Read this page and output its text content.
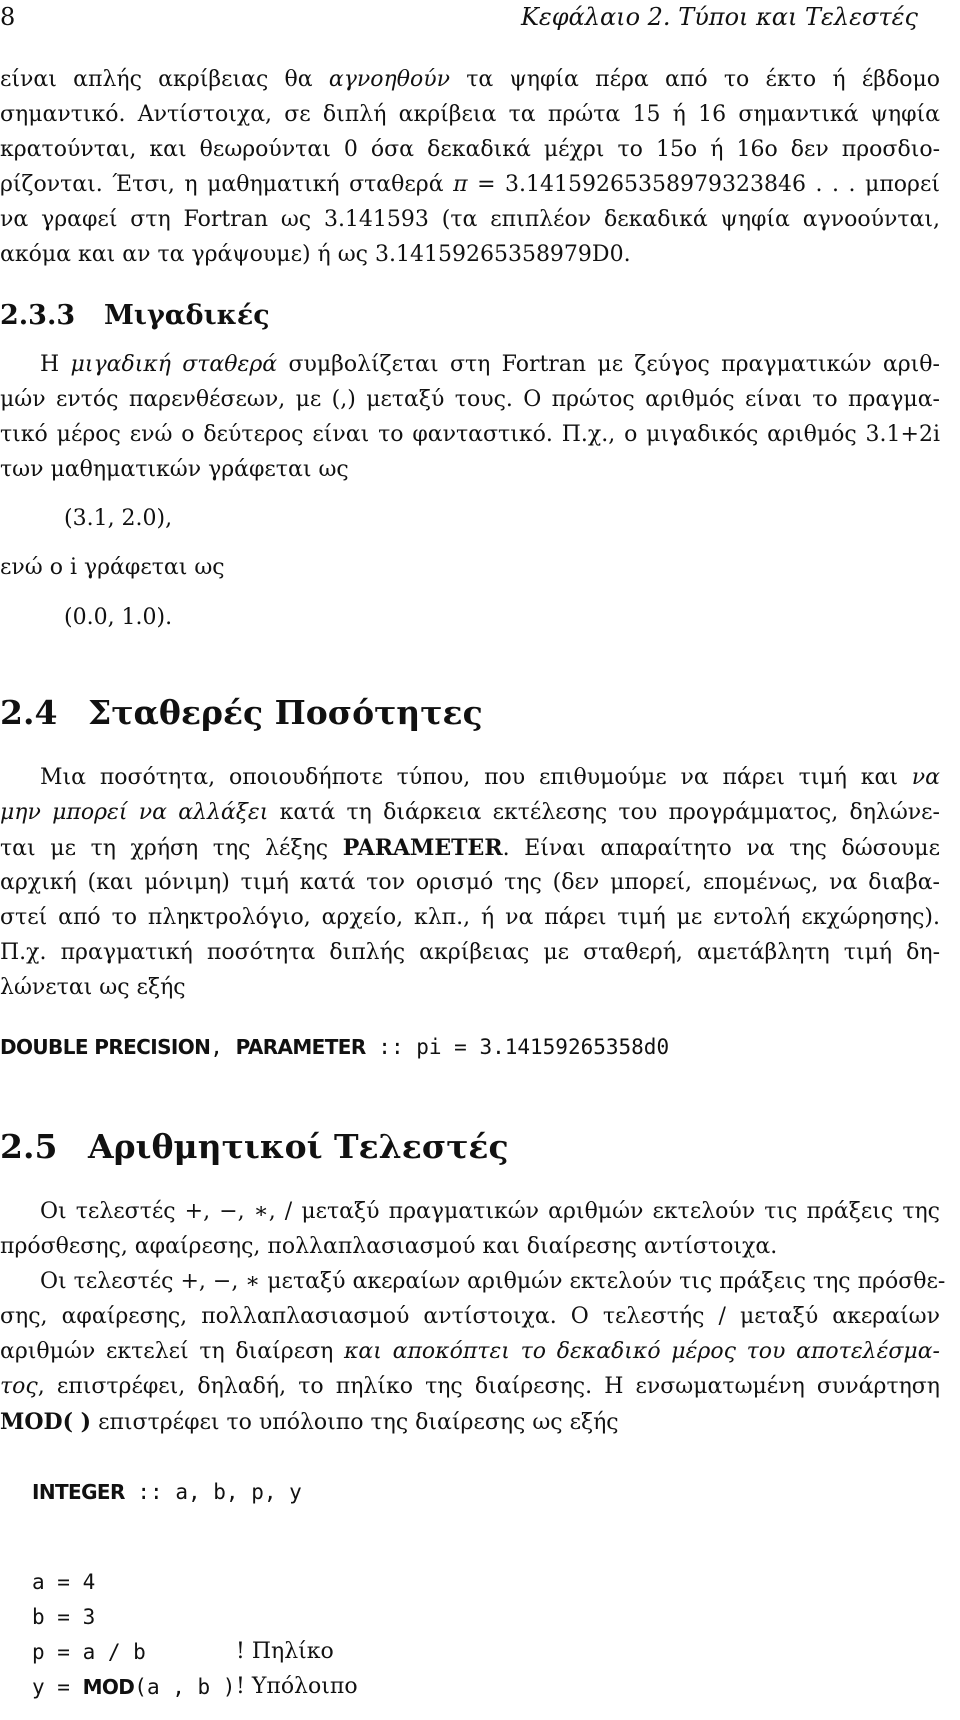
8	Κεφάλαιο 2. Τύποι και Τελεστές
είναι απλής ακρίβειας θα αγνοηθούν τα ψηφία πέρα από το έκτο ή έβδομο
σημαντικό. Αντίστοιχα, σε διπλή ακρίβεια τα πρώτα 15 ή 16 σημαντικά ψηφία
κρατούνται, και θεωρούνται 0 όσα δεκαδικά μέχρι το 15ο ή 16ο δεν προσδιο-
ρίζονται. Έτσι, η μαθηματική σταθερά π = 3.14159265358979323846 . . . μπορεί
να γραφεί στη Fortran ως 3.141593 (τα επιπλέον δεκαδικά ψηφία αγνοούνται,
ακόμα και αν τα γράψουμε) ή ως 3.14159265358979D0.
2.3.3 Μιγαδικές
Η μιγαδική σταθερά συμβολίζεται στη Fortran με ζεύγος πραγματικών αριθ-
μών εντός παρενθέσεων, με (,) μεταξύ τους. Ο πρώτος αριθμός είναι το πραγμα-
τικό μέρος ενώ ο δεύτερος είναι το φανταστικό. Π.χ., ο μιγαδικός αριθμός 3.1+2i
των μαθηματικών γράφεται ως
(3.1, 2.0),
ενώ ο i γράφεται ως
(0.0, 1.0).
2.4 Σταθερές Ποσότητες
Μια ποσότητα, οποιουδήποτε τύπου, που επιθυμούμε να πάρει τιμή και να
μην μπορεί να αλλάξει κατά τη διάρκεια εκτέλεσης του προγράμματος, δηλώνε-
ται με τη χρήση της λέξης PARAMETER. Είναι απαραίτητο να της δώσουμε
αρχική (και μόνιμη) τιμή κατά τον ορισμό της (δεν μπορεί, επομένως, να διαβα-
στεί από το πληκτρολόγιο, αρχείο, κλπ., ή να πάρει τιμή με εντολή εκχώρησης).
Π.χ. πραγματική ποσότητα διπλής ακρίβειας με σταθερή, αμετάβλητη τιμή δη-
λώνεται ως εξής
DOUBLE PRECISION, PARAMETER :: pi = 3.14159265358d0
2.5 Αριθμητικοί Τελεστές
Οι τελεστές +, −, ∗, / μεταξύ πραγματικών αριθμών εκτελούν τις πράξεις της
πρόσθεσης, αφαίρεσης, πολλαπλασιασμού και διαίρεσης αντίστοιχα.
Οι τελεστές +, −, ∗ μεταξύ ακεραίων αριθμών εκτελούν τις πράξεις της πρόσθε-
σης, αφαίρεσης, πολλαπλασιασμού αντίστοιχα. Ο τελεστής / μεταξύ ακεραίων
αριθμών εκτελεί τη διαίρεση και αποκόπτει το δεκαδικό μέρος του αποτελέσμα-
τος, επιστρέφει, δηλαδή, το πηλίκο της διαίρεσης. Η ενσωματωμένη συνάρτηση
MOD( ) επιστρέφει το υπόλοιπο της διαίρεσης ως εξής
INTEGER :: a, b, p, y
a = 4
b = 3
p = a / b	! Πηλίκο
y = MOD(a , b ) ! Υπόλοιπο
